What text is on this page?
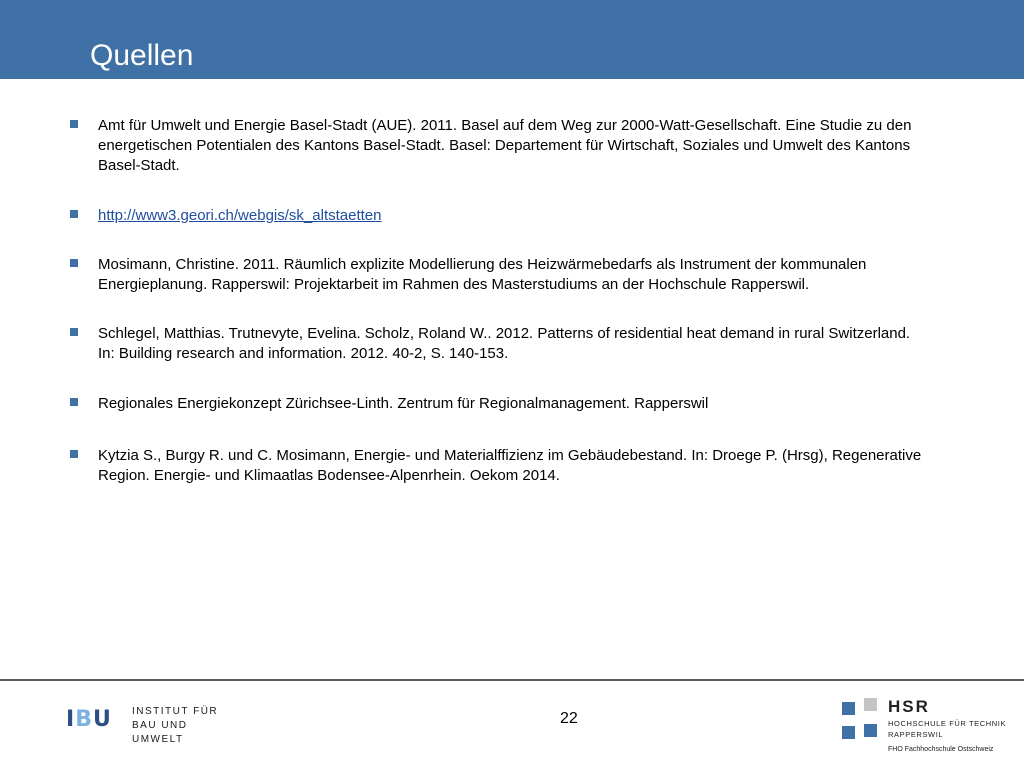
Quellen
Amt für Umwelt und Energie Basel-Stadt (AUE). 2011. Basel auf dem Weg zur 2000-Watt-Gesellschaft. Eine Studie zu den energetischen Potentialen des Kantons Basel-Stadt. Basel: Departement für Wirtschaft, Soziales und Umwelt des Kantons Basel-Stadt.
http://www3.geori.ch/webgis/sk_altstaetten
Mosimann, Christine. 2011. Räumlich explizite Modellierung des Heizwärmebedarfs als Instrument der kommunalen Energieplanung. Rapperswil: Projektarbeit im Rahmen des Masterstudiums an der Hochschule Rapperswil.
Schlegel, Matthias. Trutnevyte, Evelina. Scholz, Roland W.. 2012. Patterns of residential heat demand in rural Switzerland. In: Building research and information. 2012. 40-2, S. 140-153.
Regionales Energiekonzept Zürichsee-Linth. Zentrum für Regionalmanagement. Rapperswil
Kytzia S., Burgy R. und C. Mosimann, Energie- und Materialffizienz im Gebäudebestand. In: Droege P. (Hrsg), Regenerative Region. Energie- und Klimaatlas Bodensee-Alpenrhein. Oekom 2014.
IBU INSTITUT FÜR
BAU UND UMWELT
22
HSR
HOCHSCHULE FÜR TECHNIK
RAPPERSWIL
FHO Fachhochschule Ostschweiz
